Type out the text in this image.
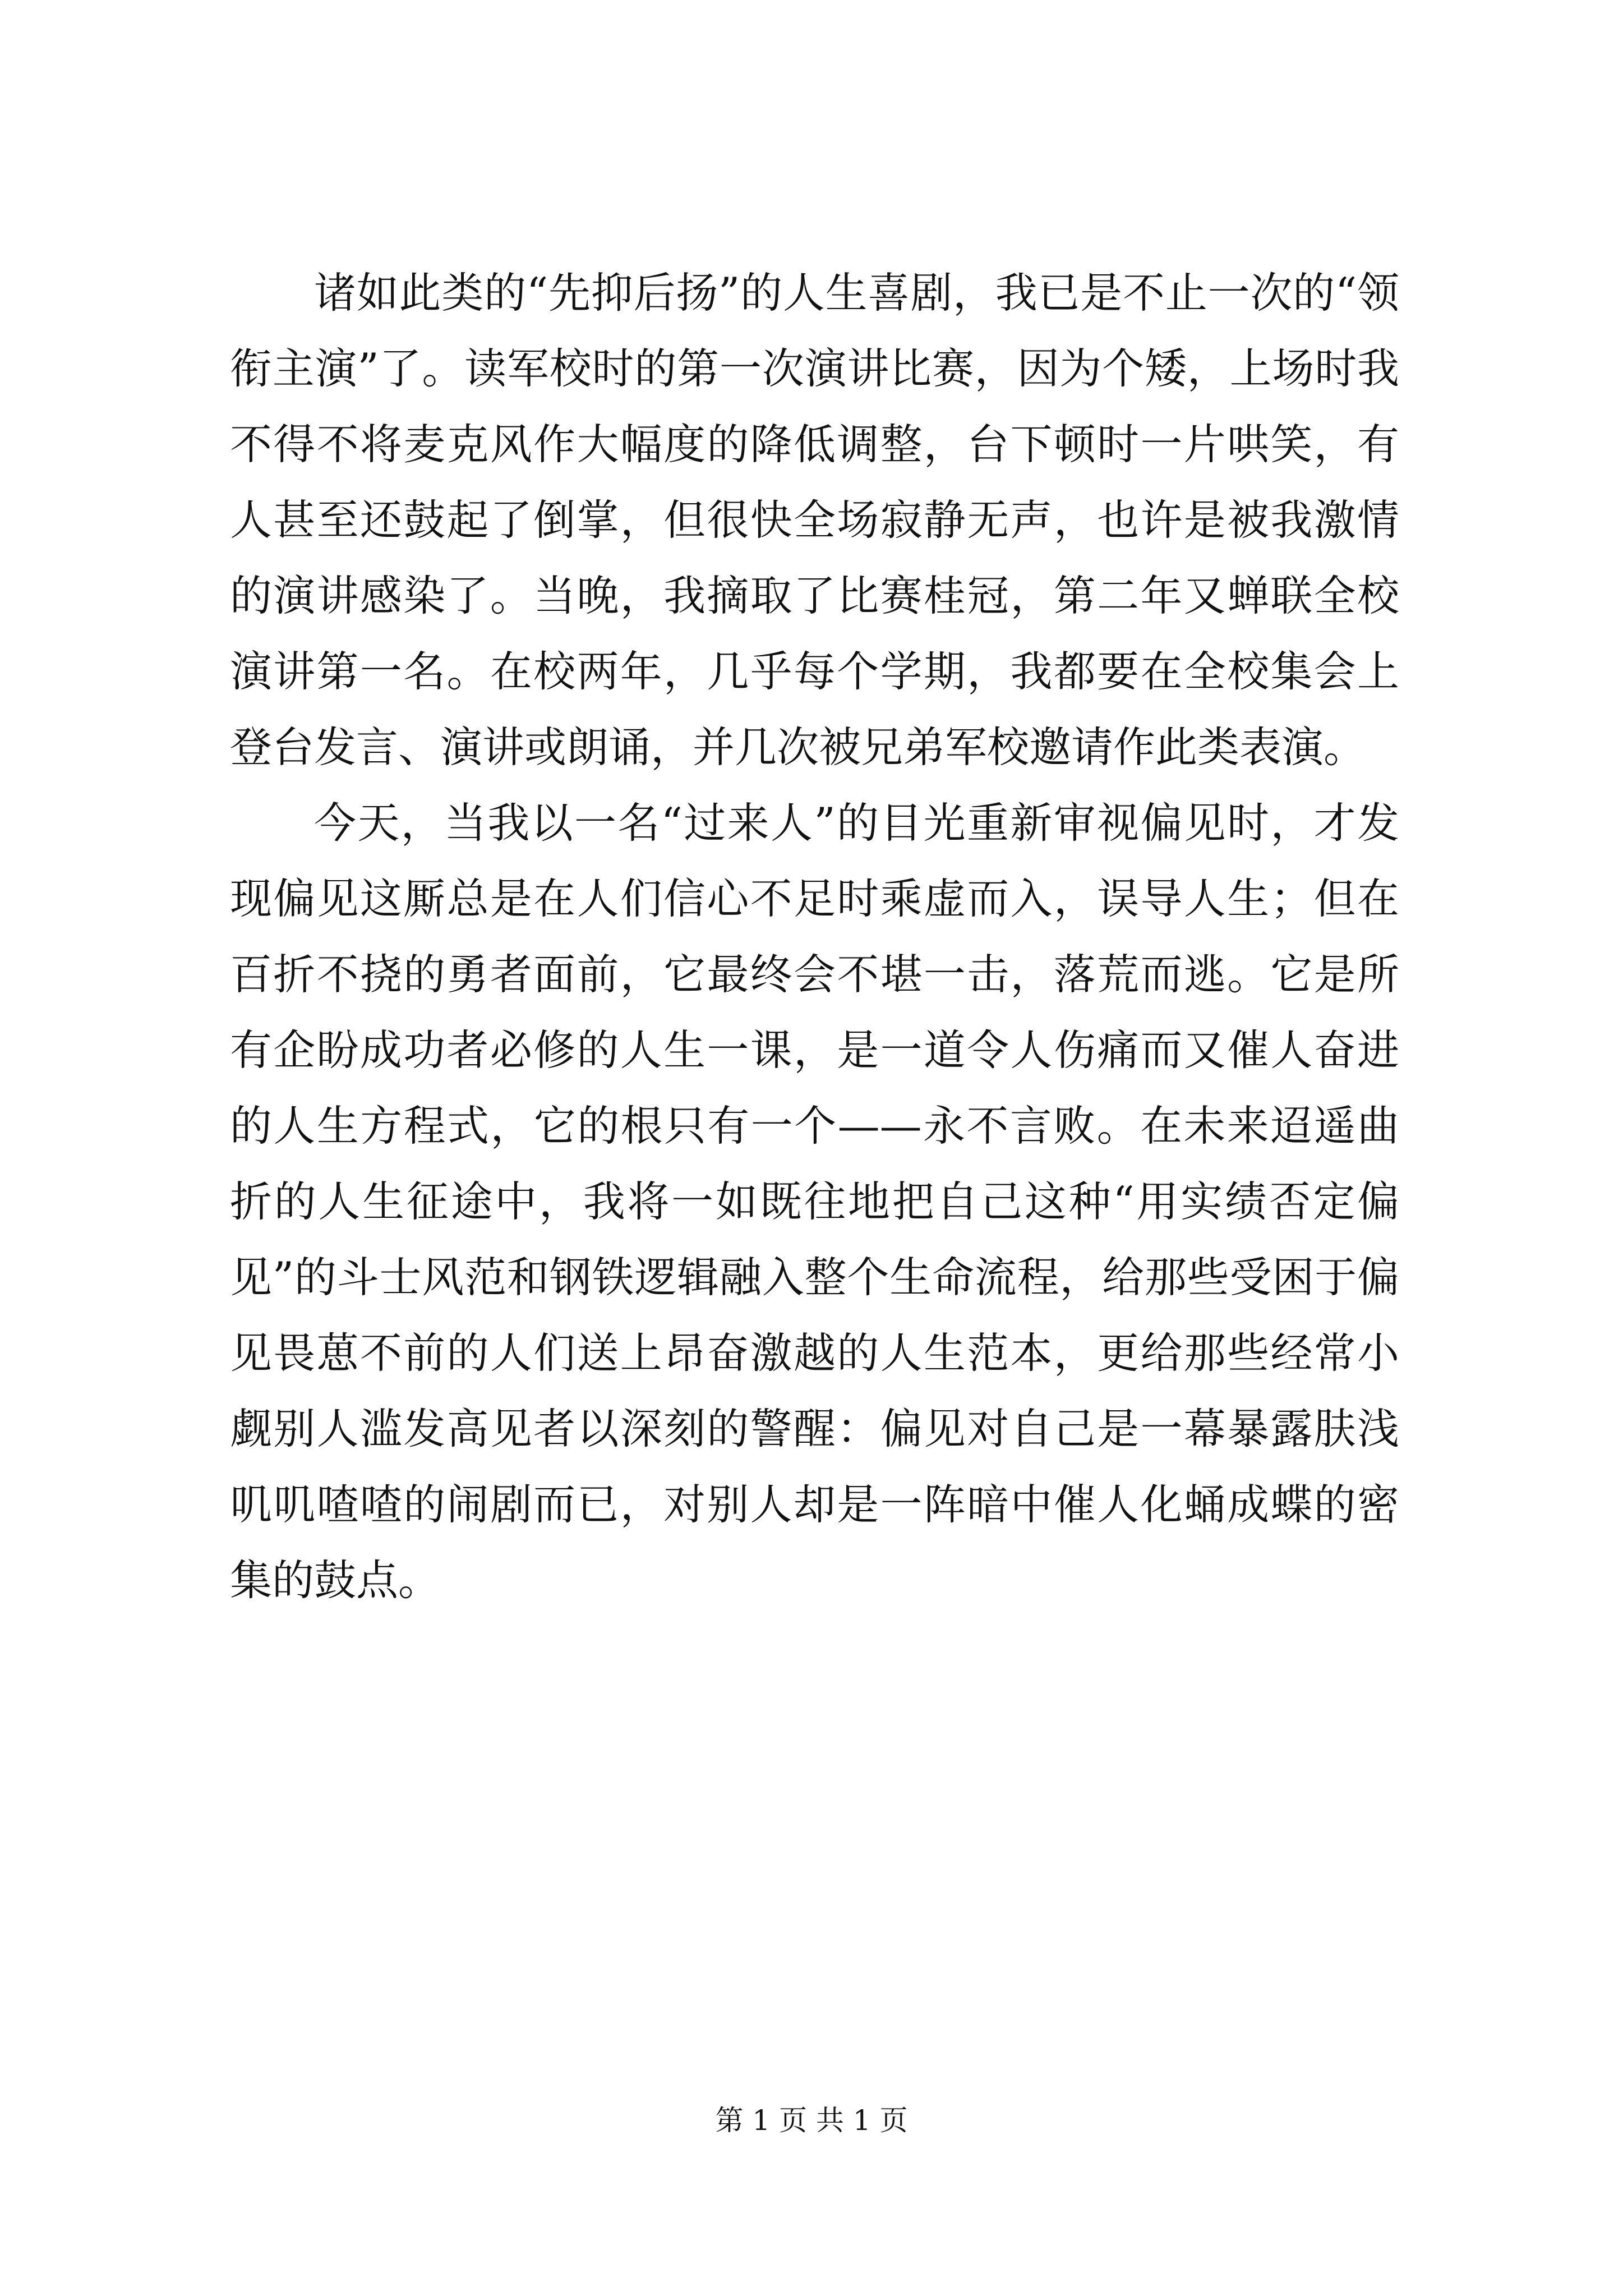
诸如此类的“先抑后扬”的人生喜剧，我已是不止一次的“领衔主演”了。读军校时的第一次演讲比赛，因为个矮，上场时我不得不将麦克风作大幅度的降低调整，台下顿时一片哄笑，有人甚至还鼓起了倒掌，但很快全场寂静无声，也许是被我激情的演讲感染了。当晚，我摘取了比赛桂冠，第二年又蝉联全校演讲第一名。在校两年，几乎每个学期，我都要在全校集会上登台发言、演讲或朗诵，并几次被兄弟军校邀请作此类表演。

今天，当我以一名“过来人”的目光重新审视偏见时，才发现偏见这厮总是在人们信心不足时乘虚而入，误导人生；但在百折不挠的勇者面前，它最终会不堪一击，落荒而逃。它是所有企盼成功者必修的人生一课，是一道令人伤痛而又催人奋进的人生方程式，它的根只有一个——永不言败。在未来迢遥曲折的人生征途中，我将一如既往地把自己这种“用实绩否定偏见”的斗士风范和钢铁逻辑融入整个生命流程，给那些受困于偏见畏葸不前的人们送上昂奋激越的人生范本，更给那些经常小觑别人滥发高见者以深刻的警醒：偏见对自己是一幕暴露肤浅叽叽喳喳的闹剧而已，对别人却是一阵暗中催人化蛹成蝶的密集的鼓点。

第 1 页 共 1 页
